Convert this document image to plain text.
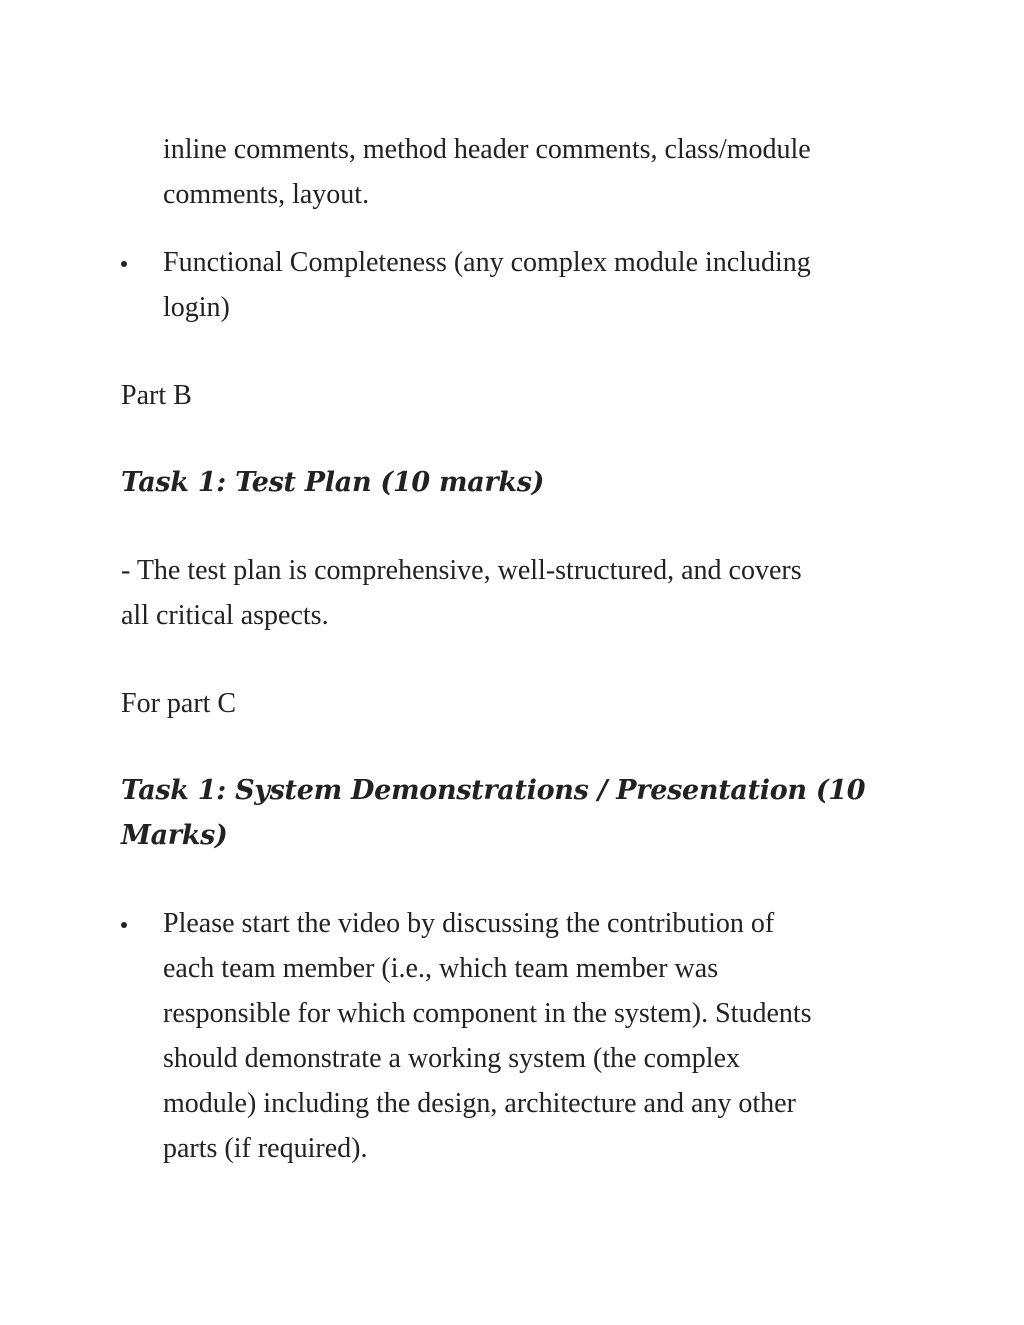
inline comments, method header comments, class/module

comments, layout.

Functional Completeness (any complex module including

login)

Part B

Task 1: Test Plan (10 marks)

- The test plan is comprehensive, well-structured, and covers

all critical aspects.

For part C

Task 1: System Demonstrations / Presentation (10

Marks)

Please start the video by discussing the contribution of

each team member (i.e., which team member was

responsible for which component in the system). Students

should demonstrate a working system (the complex

module) including the design, architecture and any other

parts (if required).
